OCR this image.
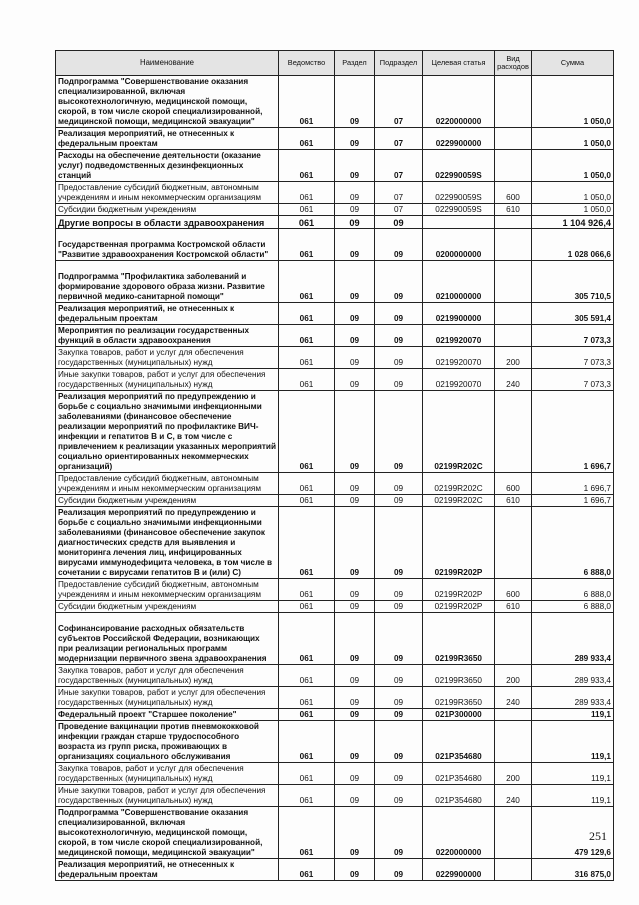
Наименование	Ведомство	Раздел	Подраздел	Целевая статья	Вид расходов	Сумма
Подпрограмма "Совершенствование оказания специализированной, включая высокотехнологичную, медицинской помощи, скорой, в том числе скорой специализированной, медицинской помощи, медицинской эвакуации"	061	09	07	0220000000		1 050,0
Реализация мероприятий, не отнесенных к федеральным проектам	061	09	07	0229900000		1 050,0
Расходы на обеспечение деятельности (оказание услуг) подведомственных дезинфекционных станций	061	09	07	022990059S		1 050,0
Предоставление субсидий бюджетным, автономным учреждениям и иным некоммерческим организациям	061	09	07	022990059S	600	1 050,0
Субсидии бюджетным учреждениям	061	09	07	022990059S	610	1 050,0
Другие вопросы в области здравоохранения	061	09	09			1 104 926,4
Государственная программа Костромской области "Развитие здравоохранения Костромской области"	061	09	09	0200000000		1 028 066,6
Подпрограмма "Профилактика заболеваний и формирование здорового образа жизни. Развитие первичной медико-санитарной помощи"	061	09	09	0210000000		305 710,5
Реализация мероприятий, не отнесенных к федеральным проектам	061	09	09	0219900000		305 591,4
Мероприятия по реализации государственных функций в области здравоохранения	061	09	09	0219920070		7 073,3
Закупка товаров, работ и услуг для обеспечения государственных (муниципальных) нужд	061	09	09	0219920070	200	7 073,3
Иные закупки товаров, работ и услуг для обеспечения государственных (муниципальных) нужд	061	09	09	0219920070	240	7 073,3
Реализация мероприятий по предупреждению и борьбе с социально значимыми инфекционными заболеваниями (финансовое обеспечение реализации мероприятий по профилактике ВИЧ-инфекции и гепатитов В и С, в том числе с привлечением к реализации указанных мероприятий социально ориентированных некоммерческих организаций)	061	09	09	02199R202C		1 696,7
Предоставление субсидий бюджетным, автономным учреждениям и иным некоммерческим организациям	061	09	09	02199R202C	600	1 696,7
Субсидии бюджетным учреждениям	061	09	09	02199R202C	610	1 696,7
Реализация мероприятий по предупреждению и борьбе с социально значимыми инфекционными заболеваниями (финансовое обеспечение закупок диагностических средств для выявления и мониторинга лечения лиц, инфицированных вирусами иммунодефицита человека, в том числе в сочетании с вирусами гепатитов В и (или) С)	061	09	09	02199R202P		6 888,0
Предоставление субсидий бюджетным, автономным учреждениям и иным некоммерческим организациям	061	09	09	02199R202P	600	6 888,0
Субсидии бюджетным учреждениям	061	09	09	02199R202P	610	6 888,0
Софинансирование расходных обязательств субъектов Российской Федерации, возникающих при реализации региональных программ модернизации первичного звена здравоохранения	061	09	09	02199R3650		289 933,4
Закупка товаров, работ и услуг для обеспечения государственных (муниципальных) нужд	061	09	09	02199R3650	200	289 933,4
Иные закупки товаров, работ и услуг для обеспечения государственных (муниципальных) нужд	061	09	09	02199R3650	240	289 933,4
Федеральный проект "Старшее поколение"	061	09	09	021P300000		119,1
Проведение вакцинации против пневмококковой инфекции граждан старше трудоспособного возраста из групп риска, проживающих в организациях социального обслуживания	061	09	09	021P354680		119,1
Закупка товаров, работ и услуг для обеспечения государственных (муниципальных) нужд	061	09	09	021P354680	200	119,1
Иные закупки товаров, работ и услуг для обеспечения государственных (муниципальных) нужд	061	09	09	021P354680	240	119,1
Подпрограмма "Совершенствование оказания специализированной, включая высокотехнологичную, медицинской помощи, скорой, в том числе скорой специализированной, медицинской помощи, медицинской эвакуации"	061	09	09	0220000000		479 129,6
Реализация мероприятий, не отнесенных к федеральным проектам	061	09	09	0229900000		316 875,0
251
